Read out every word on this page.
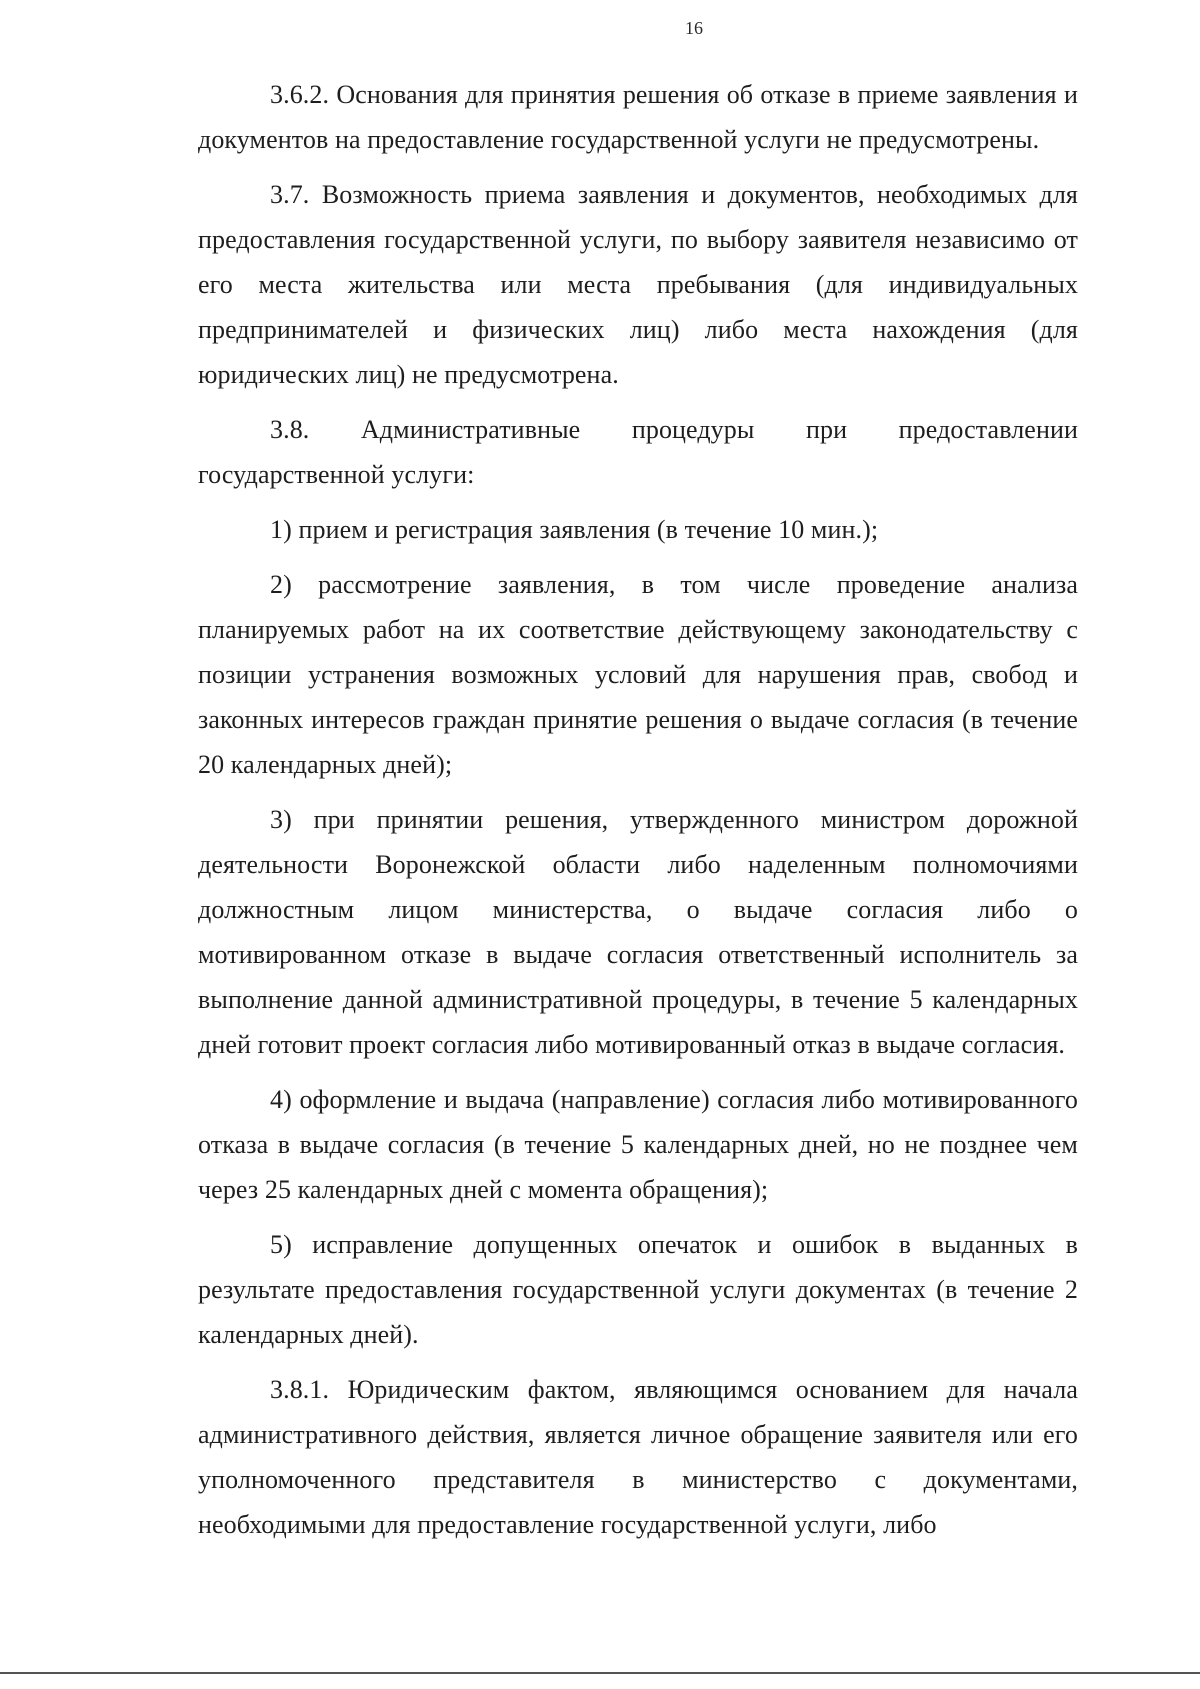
16

3.6.2. Основания для принятия решения об отказе в приеме заявления и документов на предоставление государственной услуги не предусмотрены.

3.7. Возможность приема заявления и документов, необходимых для предоставления государственной услуги, по выбору заявителя независимо от его места жительства или места пребывания (для индивидуальных предпринимателей и физических лиц) либо места нахождения (для юридических лиц) не предусмотрена.

3.8. Административные процедуры при предоставлении государственной услуги:

1) прием и регистрация заявления (в течение 10 мин.);

2) рассмотрение заявления, в том числе проведение анализа планируемых работ на их соответствие действующему законодательству с позиции устранения возможных условий для нарушения прав, свобод и законных интересов граждан принятие решения о выдаче согласия (в течение 20 календарных дней);

3) при принятии решения, утвержденного министром дорожной деятельности Воронежской области либо наделенным полномочиями должностным лицом министерства, о выдаче согласия либо о мотивированном отказе в выдаче согласия ответственный исполнитель за выполнение данной административной процедуры, в течение 5 календарных дней готовит проект согласия либо мотивированный отказ в выдаче согласия.

4) оформление и выдача (направление) согласия либо мотивированного отказа в выдаче согласия (в течение 5 календарных дней, но не позднее чем через 25 календарных дней с момента обращения);

5) исправление допущенных опечаток и ошибок в выданных в результате предоставления государственной услуги документах (в течение 2 календарных дней).

3.8.1. Юридическим фактом, являющимся основанием для начала административного действия, является личное обращение заявителя или его уполномоченного представителя в министерство с документами, необходимыми для предоставление государственной услуги, либо
